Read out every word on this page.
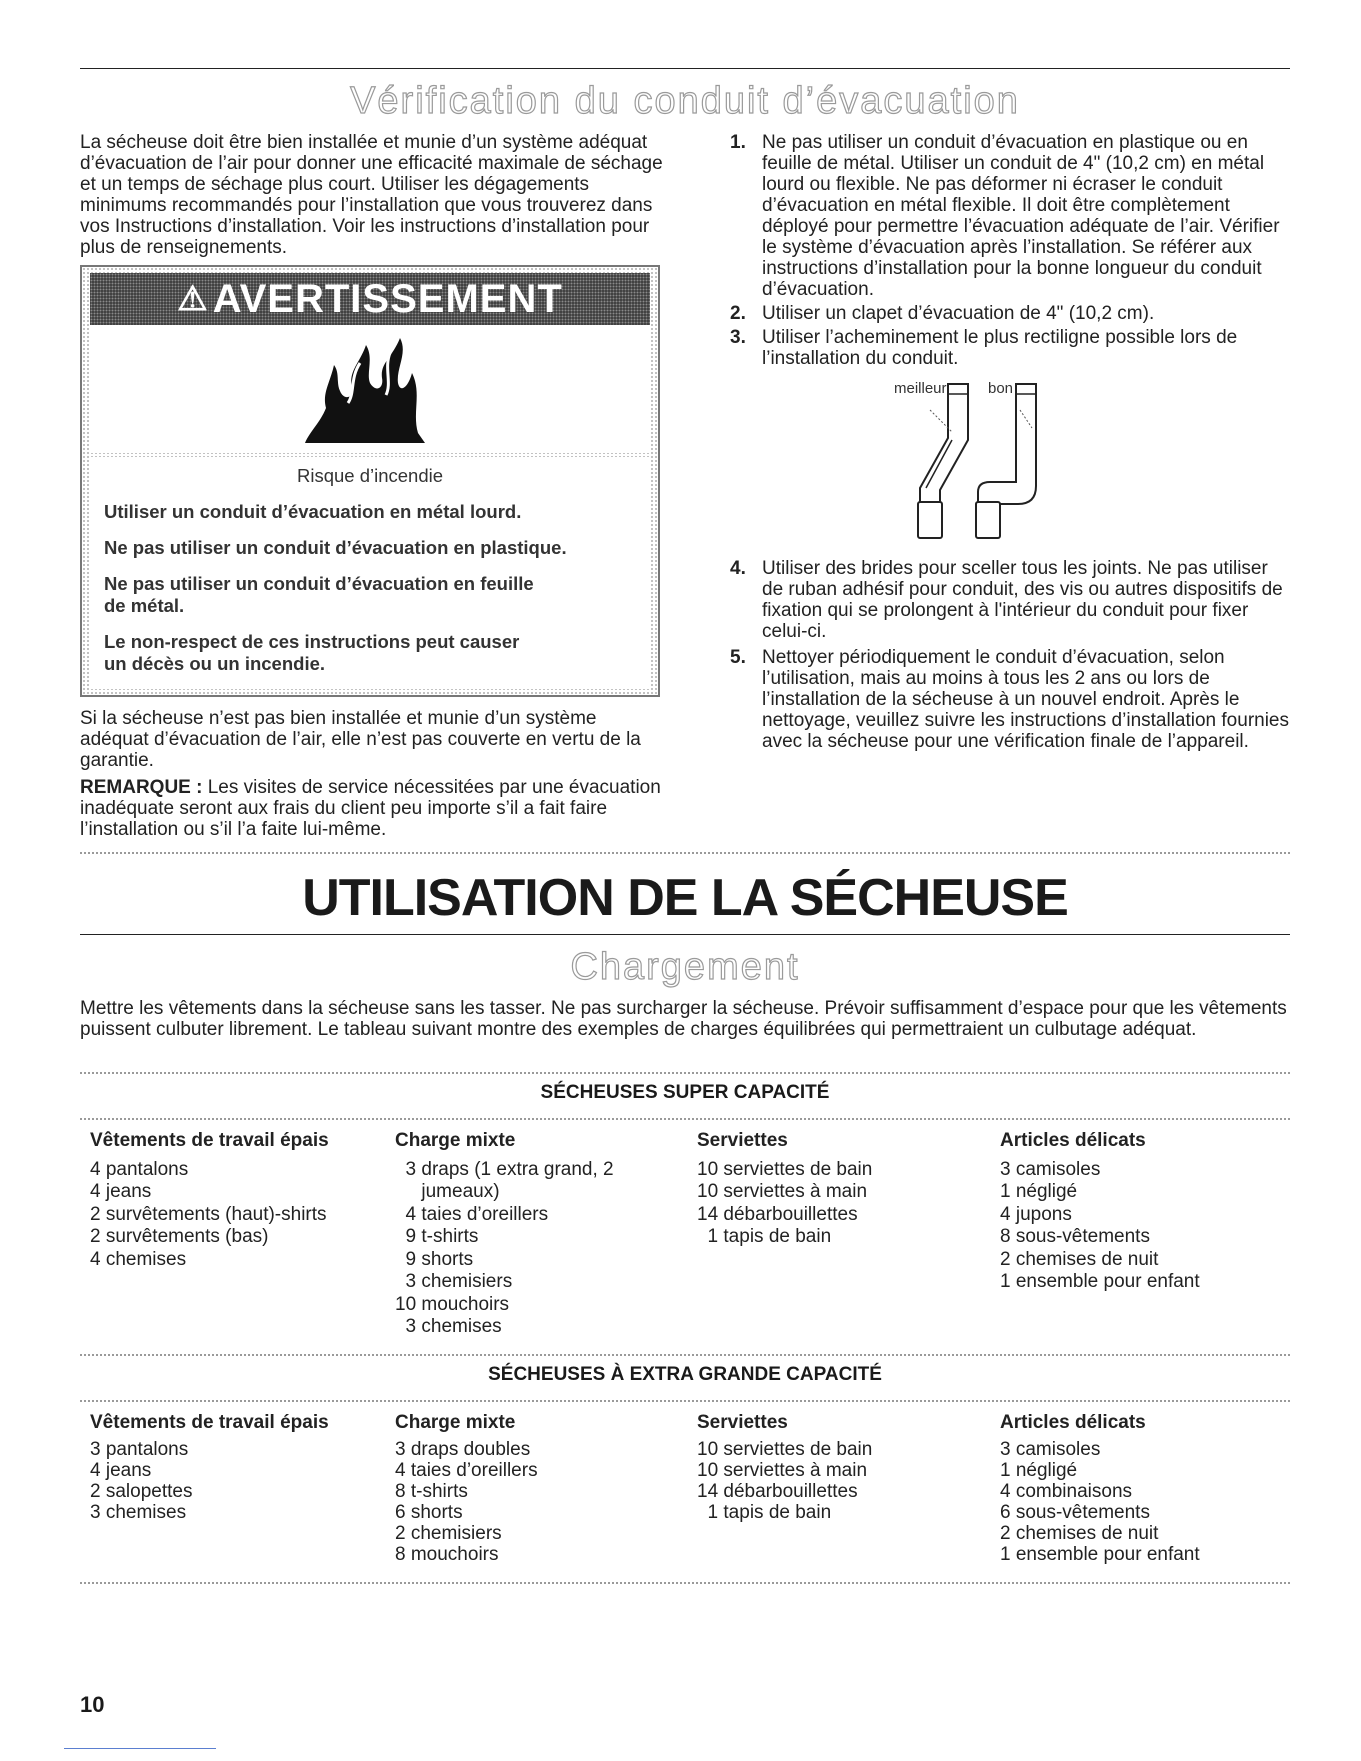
Vérification du conduit d’évacuation

La sécheuse doit être bien installée et munie d’un système adéquat d’évacuation de l’air pour donner une efficacité maximale de séchage et un temps de séchage plus court. Utiliser les dégagements minimums recommandés pour l’installation que vous trouverez dans vos Instructions d’installation. Voir les instructions d’installation pour plus de renseignements.

⚠ AVERTISSEMENT
Risque d’incendie
Utiliser un conduit d’évacuation en métal lourd.
Ne pas utiliser un conduit d’évacuation en plastique.
Ne pas utiliser un conduit d’évacuation en feuille
de métal.
Le non-respect de ces instructions peut causer
un décès ou un incendie.

Si la sécheuse n’est pas bien installée et munie d’un système adéquat d’évacuation de l’air, elle n’est pas couverte en vertu de la garantie.

REMARQUE : Les visites de service nécessitées par une évacuation inadéquate seront aux frais du client peu importe s’il a fait faire l’installation ou s’il l’a faite lui-même.

1. Ne pas utiliser un conduit d’évacuation en plastique ou en feuille de métal. Utiliser un conduit de 4" (10,2 cm) en métal lourd ou flexible. Ne pas déformer ni écraser le conduit d’évacuation en métal flexible. Il doit être complètement déployé pour permettre l’évacuation adéquate de l’air. Vérifier le système d’évacuation après l’installation. Se référer aux instructions d’installation pour la bonne longueur du conduit d’évacuation.
2. Utiliser un clapet d’évacuation de 4" (10,2 cm).
3. Utiliser l’acheminement le plus rectiligne possible lors de l’installation du conduit.
meilleur	bon
4. Utiliser des brides pour sceller tous les joints. Ne pas utiliser de ruban adhésif pour conduit, des vis ou autres dispositifs de fixation qui se prolongent à l'intérieur du conduit pour fixer celui-ci.
5. Nettoyer périodiquement le conduit d’évacuation, selon l’utilisation, mais au moins à tous les 2 ans ou lors de l’installation de la sécheuse à un nouvel endroit. Après le nettoyage, veuillez suivre les instructions d’installation fournies avec la sécheuse pour une vérification finale de l’appareil.
UTILISATION DE LA SÉCHEUSE
Chargement

Mettre les vêtements dans la sécheuse sans les tasser. Ne pas surcharger la sécheuse. Prévoir suffisamment d’espace pour que les vêtements puissent culbuter librement. Le tableau suivant montre des exemples de charges équilibrées qui permettraient un culbutage adéquat.

SÉCHEUSES SUPER CAPACITÉ
Vêtements de travail épais
4 pantalons
4 jeans
2 survêtements (haut)-shirts
2 survêtements (bas)
4 chemises
Charge mixte
3 draps (1 extra grand, 2
jumeaux)
4 taies d’oreillers
9 t-shirts
9 shorts
3 chemisiers
10 mouchoirs
3 chemises
Serviettes
10 serviettes de bain
10 serviettes à main
14 débarbouillettes
1 tapis de bain
Articles délicats
3 camisoles
1 négligé
4 jupons
8 sous-vêtements
2 chemises de nuit
1 ensemble pour enfant
SÉCHEUSES À EXTRA GRANDE CAPACITÉ
Vêtements de travail épais
3 pantalons
4 jeans
2 salopettes
3 chemises
Charge mixte
3 draps doubles
4 taies d’oreillers
8 t-shirts
6 shorts
2 chemisiers
8 mouchoirs
Serviettes
10 serviettes de bain
10 serviettes à main
14 débarbouillettes
1 tapis de bain
Articles délicats
3 camisoles
1 négligé
4 combinaisons
6 sous-vêtements
2 chemises de nuit
1 ensemble pour enfant
10
